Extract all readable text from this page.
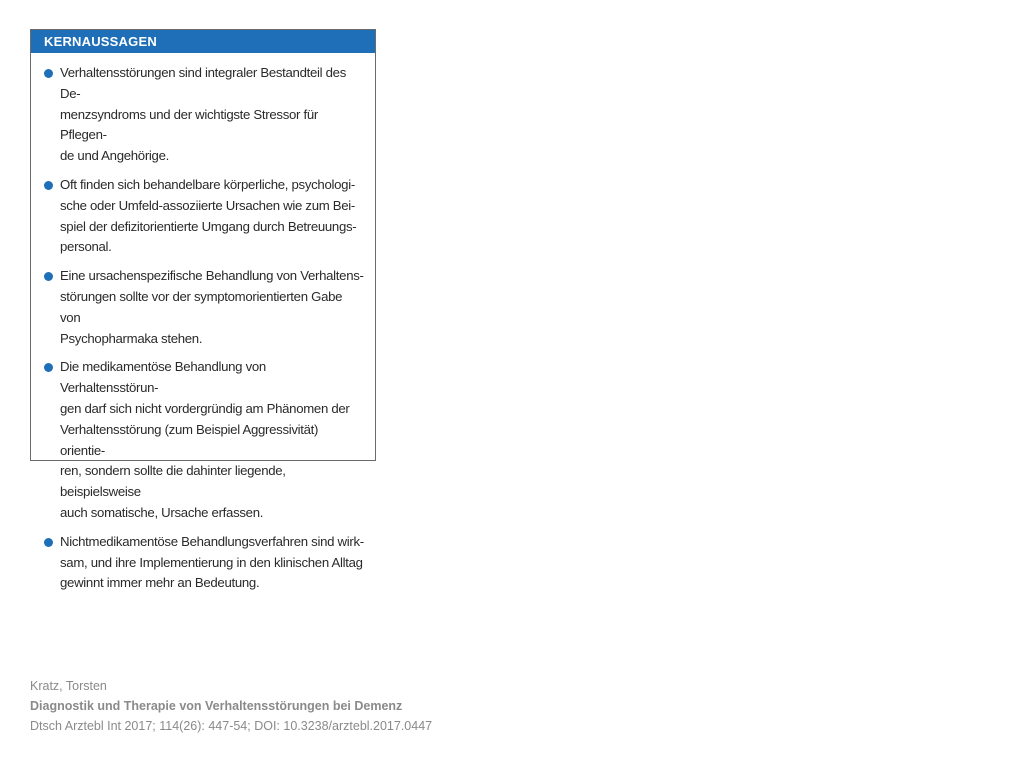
KERNAUSSAGEN
Verhaltensstörungen sind integraler Bestandteil des De-
menzsyndroms und der wichtigste Stressor für Pflegen-
de und Angehörige.
Oft finden sich behandelbare körperliche, psychologi-
sche oder Umfeld-assoziierte Ursachen wie zum Bei-
spiel der defizitorientierte Umgang durch Betreuungs-
personal.
Eine ursachenspezifische Behandlung von Verhaltens-
störungen sollte vor der symptomorientierten Gabe von
Psychopharmaka stehen.
Die medikamentöse Behandlung von Verhaltensstörun-
gen darf sich nicht vordergründig am Phänomen der
Verhaltensstörung (zum Beispiel Aggressivität) orientie-
ren, sondern sollte die dahinter liegende, beispielsweise
auch somatische, Ursache erfassen.
Nichtmedikamentöse Behandlungsverfahren sind wirk-
sam, und ihre Implementierung in den klinischen Alltag
gewinnt immer mehr an Bedeutung.
Kratz, Torsten
Diagnostik und Therapie von Verhaltensstörungen bei Demenz
Dtsch Arztebl Int 2017; 114(26): 447-54; DOI: 10.3238/arztebl.2017.0447
